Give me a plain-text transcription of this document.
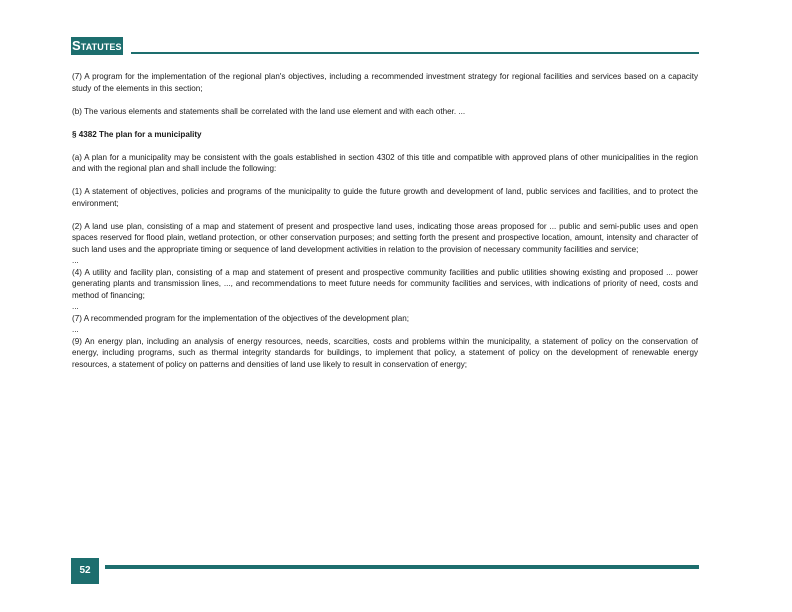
Statutes

(7) A program for the implementation of the regional plan's objectives, including a recommended investment strategy for regional facilities and services based on a capacity study of the elements in this section;

(b) The various elements and statements shall be correlated with the land use element and with each other. ...

§ 4382 The plan for a municipality

(a) A plan for a municipality may be consistent with the goals established in section 4302 of this title and compatible with approved plans of other municipalities in the region and with the regional plan and shall include the following:

(1) A statement of objectives, policies and programs of the municipality to guide the future growth and development of land, public services and facilities, and to protect the environment;

(2) A land use plan, consisting of a map and statement of present and prospective land uses, indicating those areas proposed for ... public and semi-public uses and open spaces reserved for flood plain, wetland protection, or other conservation purposes; and setting forth the present and prospective location, amount, intensity and character of such land uses and the appropriate timing or sequence of land development activities in relation to the provision of necessary community facilities and service;

...

(4) A utility and facility plan, consisting of a map and statement of present and prospective community facilities and public utilities showing existing and proposed ... power generating plants and transmission lines, ..., and recommendations to meet future needs for community facilities and services, with indications of priority of need, costs and method of financing;

...

(7) A recommended program for the implementation of the objectives of the development plan;

...

(9) An energy plan, including an analysis of energy resources, needs, scarcities, costs and problems within the municipality, a statement of policy on the conservation of energy, including programs, such as thermal integrity standards for buildings, to implement that policy, a statement of policy on the development of renewable energy resources, a statement of policy on patterns and densities of land use likely to result in conservation of energy;

52
